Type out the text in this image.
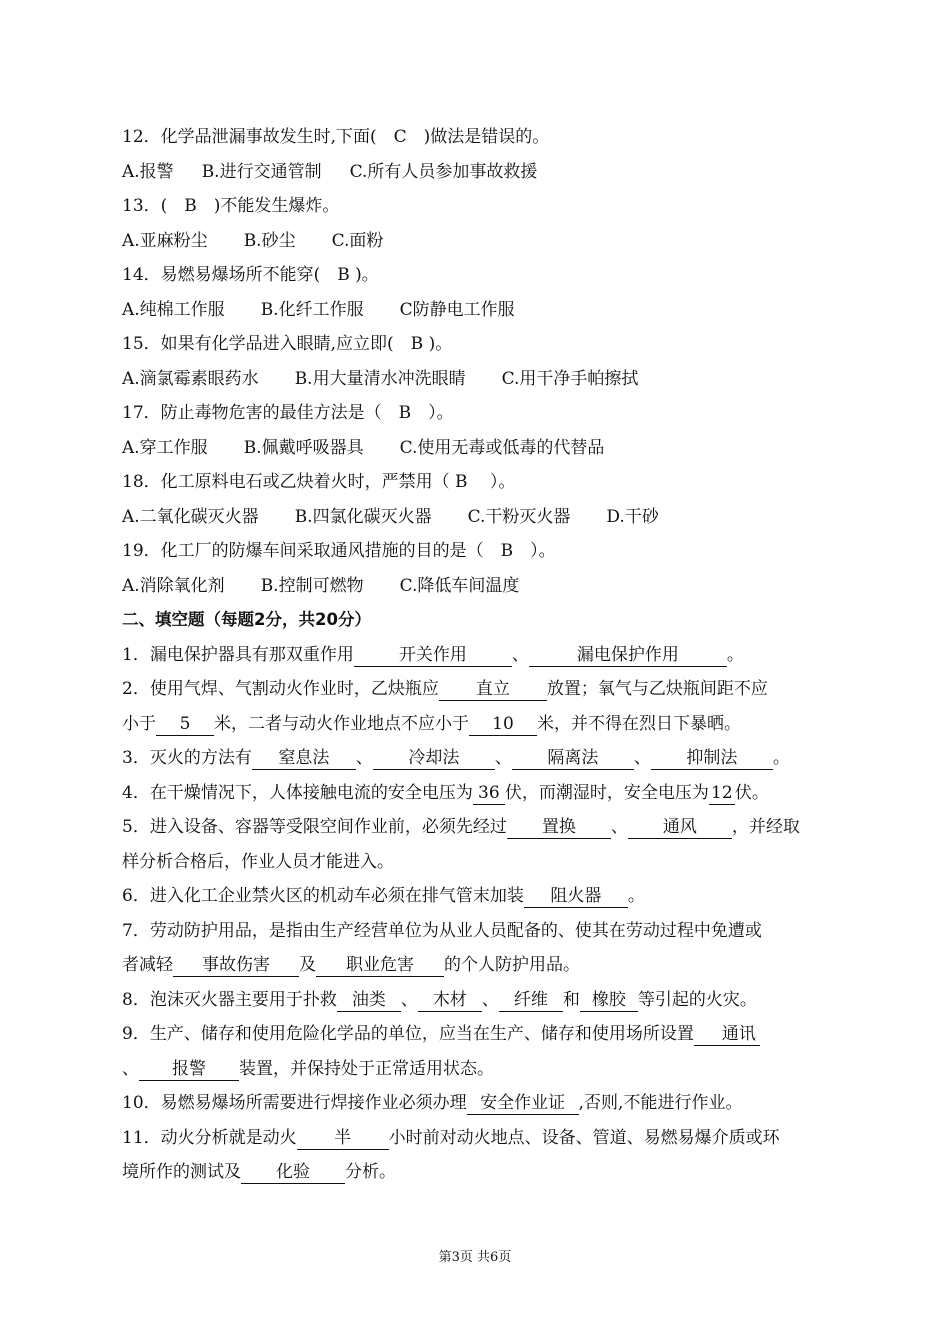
12．化学品泄漏事故发生时,下面(　C　)做法是错误的。
A.报警 B.进行交通管制 C.所有人员参加事故救援
13．(　B　)不能发生爆炸。
A.亚麻粉尘 B.砂尘 C.面粉
14．易燃易爆场所不能穿(　B )。
A.纯棉工作服 B.化纤工作服 C防静电工作服
15．如果有化学品进入眼睛,应立即(　B )。
A.滴氯霉素眼药水 B.用大量清水冲洗眼睛 C.用干净手帕擦拭
17．防止毒物危害的最佳方法是（　B　）。
A.穿工作服 B.佩戴呼吸器具 C.使用无毒或低毒的代替品
18．化工原料电石或乙炔着火时，严禁用（ B　 ）。
A.二氧化碳灭火器 B.四氯化碳灭火器 C.干粉灭火器 D.干砂
19．化工厂的防爆车间采取通风措施的目的是（　B　）。
A.消除氧化剂 B.控制可燃物 C.降低车间温度
二、填空题（每题2分，共20分）
1．漏电保护器具有那双重作用	开关作用	、	漏电保护作用	。
2．使用气焊、气割动火作业时，乙炔瓶应 直立 放置；氧气与乙炔瓶间距不应
小于 5 米，二者与动火作业地点不应小于 10 米，并不得在烈日下暴晒。
3．灭火的方法有 窒息法 、 冷却法 、 隔离法 、 抑制法 。
4．在干燥情况下，人体接触电流的安全电压为 36 伏，而潮湿时，安全电压为 12 伏。
5．进入设备、容器等受限空间作业前，必须先经过 置换 、 通风 ，并经取
样分析合格后，作业人员才能进入。
6．进入化工企业禁火区的机动车必须在排气管末加装 阻火器 。
7．劳动防护用品，是指由生产经营单位为从业人员配备的、使其在劳动过程中免遭或
者减轻 事故伤害 及 职业危害 的个人防护用品。
8．泡沫灭火器主要用于扑救 油类 、 木材 、 纤维 和 橡胶 等引起的火灾。
9．生产、储存和使用危险化学品的单位，应当在生产、储存和使用场所设置 通讯
、 报警 装置，并保持处于正常适用状态。
10．易燃易爆场所需要进行焊接作业必须办理 安全作业证 ,否则,不能进行作业。
11．动火分析就是动火 半 小时前对动火地点、设备、管道、易燃易爆介质或环
境所作的测试及 化验 分析。
第3页 共6页
